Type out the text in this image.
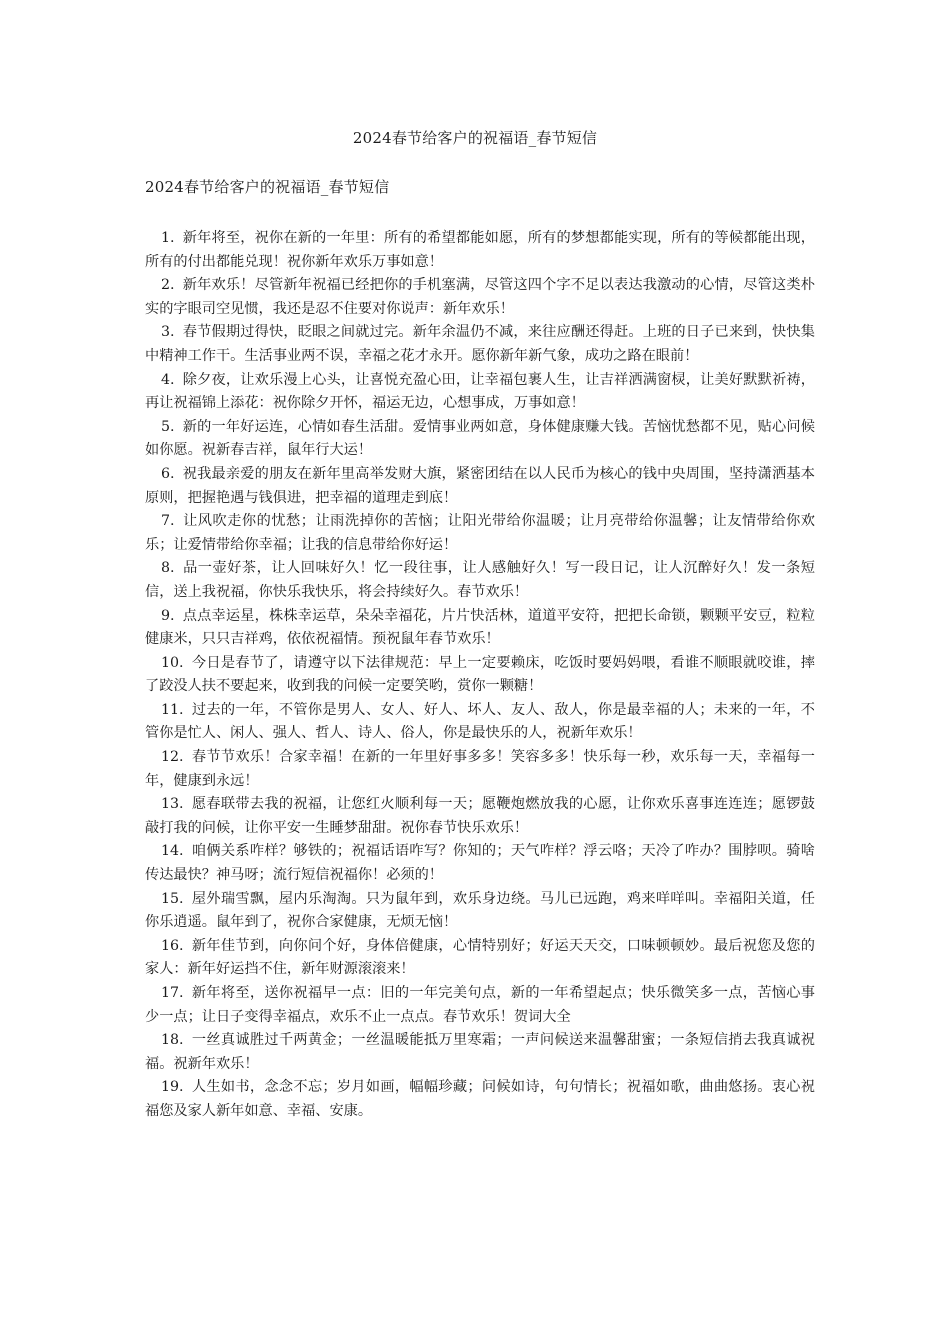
2024春节给客户的祝福语_春节短信
2024春节给客户的祝福语_春节短信

1. 新年将至，祝你在新的一年里：所有的希望都能如愿，所有的梦想都能实现，所有的等候都能出现，所有的付出都能兑现！祝你新年欢乐万事如意！

2. 新年欢乐！尽管新年祝福已经把你的手机塞满，尽管这四个字不足以表达我激动的心情，尽管这类朴实的字眼司空见惯，我还是忍不住要对你说声：新年欢乐！

3. 春节假期过得快，眨眼之间就过完。新年余温仍不减，来往应酬还得赶。上班的日子已来到，快快集中精神工作干。生活事业两不误，幸福之花才永开。愿你新年新气象，成功之路在眼前！

4. 除夕夜，让欢乐漫上心头，让喜悦充盈心田，让幸福包裹人生，让吉祥洒满窗棂，让美好默默祈祷，再让祝福锦上添花：祝你除夕开怀，福运无边，心想事成，万事如意！

5. 新的一年好运连，心情如春生活甜。爱情事业两如意，身体健康赚大钱。苦恼忧愁都不见，贴心问候如你愿。祝新春吉祥，鼠年行大运！

6. 祝我最亲爱的朋友在新年里高举发财大旗，紧密团结在以人民币为核心的钱中央周围，坚持潇洒基本原则，把握艳遇与钱俱进，把幸福的道理走到底！

7. 让风吹走你的忧愁；让雨洗掉你的苦恼；让阳光带给你温暖；让月亮带给你温馨；让友情带给你欢乐；让爱情带给你幸福；让我的信息带给你好运！

8. 品一壶好茶，让人回味好久！忆一段往事，让人感触好久！写一段日记，让人沉醉好久！发一条短信，送上我祝福，你快乐我快乐，将会持续好久。春节欢乐！

9. 点点幸运星，株株幸运草，朵朵幸福花，片片快活林，道道平安符，把把长命锁，颗颗平安豆，粒粒健康米，只只吉祥鸡，依依祝福情。预祝鼠年春节欢乐！

10. 今日是春节了，请遵守以下法律规范：早上一定要赖床，吃饭时要妈妈喂，看谁不顺眼就咬谁，摔了跤没人扶不要起来，收到我的问候一定要笑哟，赏你一颗糖！

11. 过去的一年，不管你是男人、女人、好人、坏人、友人、敌人，你是最幸福的人；未来的一年，不管你是忙人、闲人、强人、哲人、诗人、俗人，你是最快乐的人，祝新年欢乐！

12. 春节节欢乐！合家幸福！在新的一年里好事多多！笑容多多！快乐每一秒，欢乐每一天，幸福每一年，健康到永远！

13. 愿春联带去我的祝福，让您红火顺利每一天；愿鞭炮燃放我的心愿，让你欢乐喜事连连连；愿锣鼓敲打我的问候，让你平安一生睡梦甜甜。祝你春节快乐欢乐！

14. 咱俩关系咋样？够铁的；祝福话语咋写？你知的；天气咋样？浮云咯；天冷了咋办？围脖呗。骑啥传达最快？神马呀；流行短信祝福你！必须的！

15. 屋外瑞雪飘，屋内乐淘淘。只为鼠年到，欢乐身边绕。马儿已远跑，鸡来咩咩叫。幸福阳关道，任你乐逍遥。鼠年到了，祝你合家健康，无烦无恼！

16. 新年佳节到，向你问个好，身体倍健康，心情特别好；好运天天交，口味顿顿妙。最后祝您及您的家人：新年好运挡不住，新年财源滚滚来！

17. 新年将至，送你祝福早一点：旧的一年完美句点，新的一年希望起点；快乐微笑多一点，苦恼心事少一点；让日子变得幸福点，欢乐不止一点点。春节欢乐！贺词大全

18. 一丝真诚胜过千两黄金；一丝温暖能抵万里寒霜；一声问候送来温馨甜蜜；一条短信捎去我真诚祝福。祝新年欢乐！

19. 人生如书，念念不忘；岁月如画，幅幅珍藏；问候如诗，句句情长；祝福如歌，曲曲悠扬。衷心祝福您及家人新年如意、幸福、安康。
